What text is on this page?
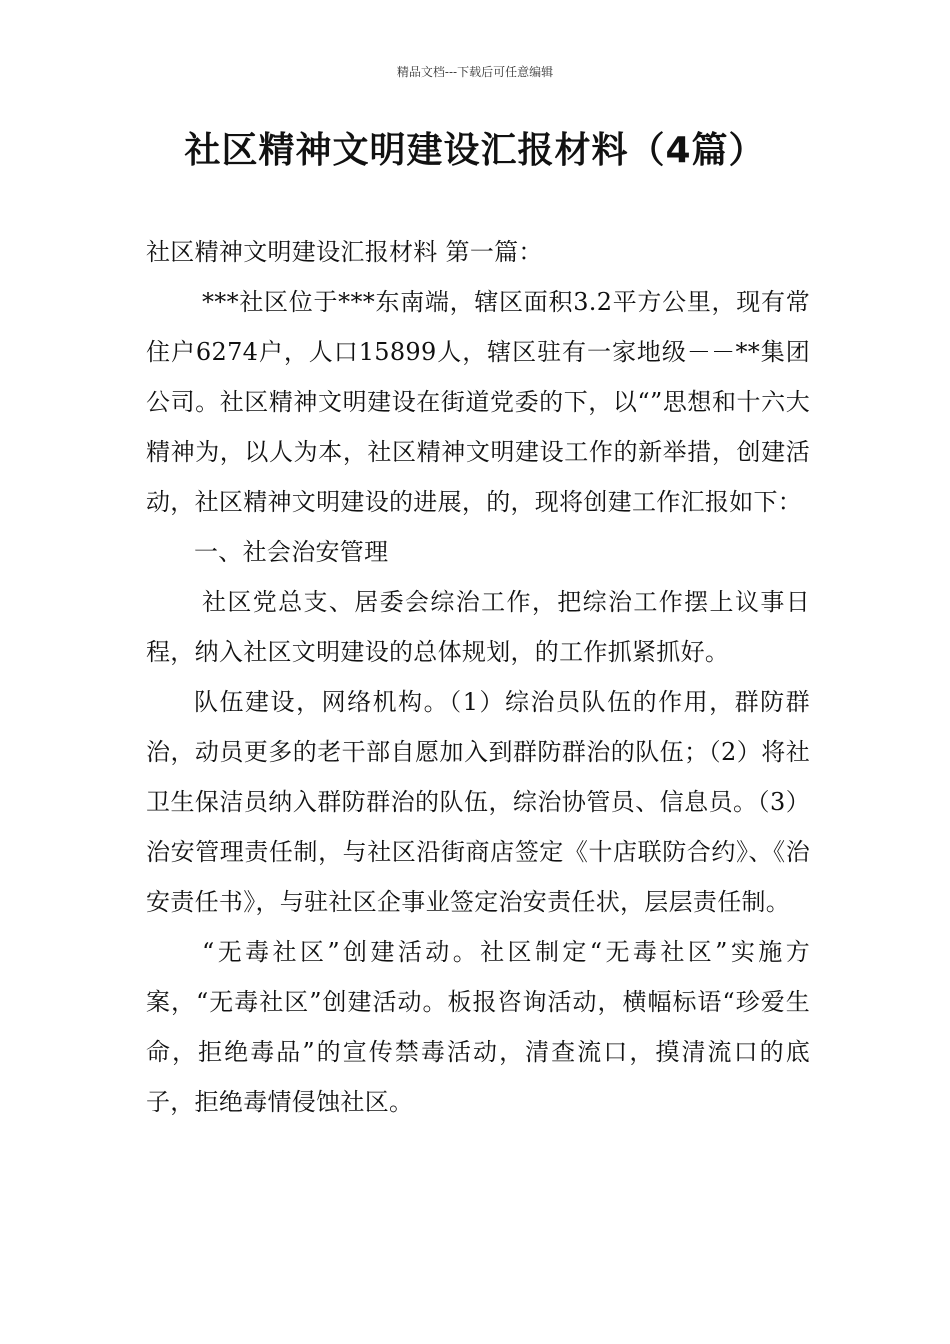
精品文档---下载后可任意编辑
社区精神文明建设汇报材料（4篇）

社区精神文明建设汇报材料 第一篇：

***社区位于***东南端，辖区面积3.2平方公里，现有常住户6274户，人口15899人，辖区驻有一家地级－－**集团公司。社区精神文明建设在街道党委的下，以“”思想和十六大精神为，以人为本，社区精神文明建设工作的新举措，创建活动，社区精神文明建设的进展，的，现将创建工作汇报如下：

一、社会治安管理

社区党总支、居委会综治工作，把综治工作摆上议事日程，纳入社区文明建设的总体规划，的工作抓紧抓好。

队伍建设，网络机构。（1）综治员队伍的作用，群防群治，动员更多的老干部自愿加入到群防群治的队伍；（2）将社卫生保洁员纳入群防群治的队伍，综治协管员、信息员。（3）治安管理责任制，与社区沿街商店签定《十店联防合约》、《治安责任书》，与驻社区企事业签定治安责任状，层层责任制。

“无毒社区”创建活动。社区制定“无毒社区”实施方案，“无毒社区”创建活动。板报咨询活动，横幅标语“珍爱生命，拒绝毒品”的宣传禁毒活动，清查流口，摸清流口的底子，拒绝毒情侵蚀社区。
